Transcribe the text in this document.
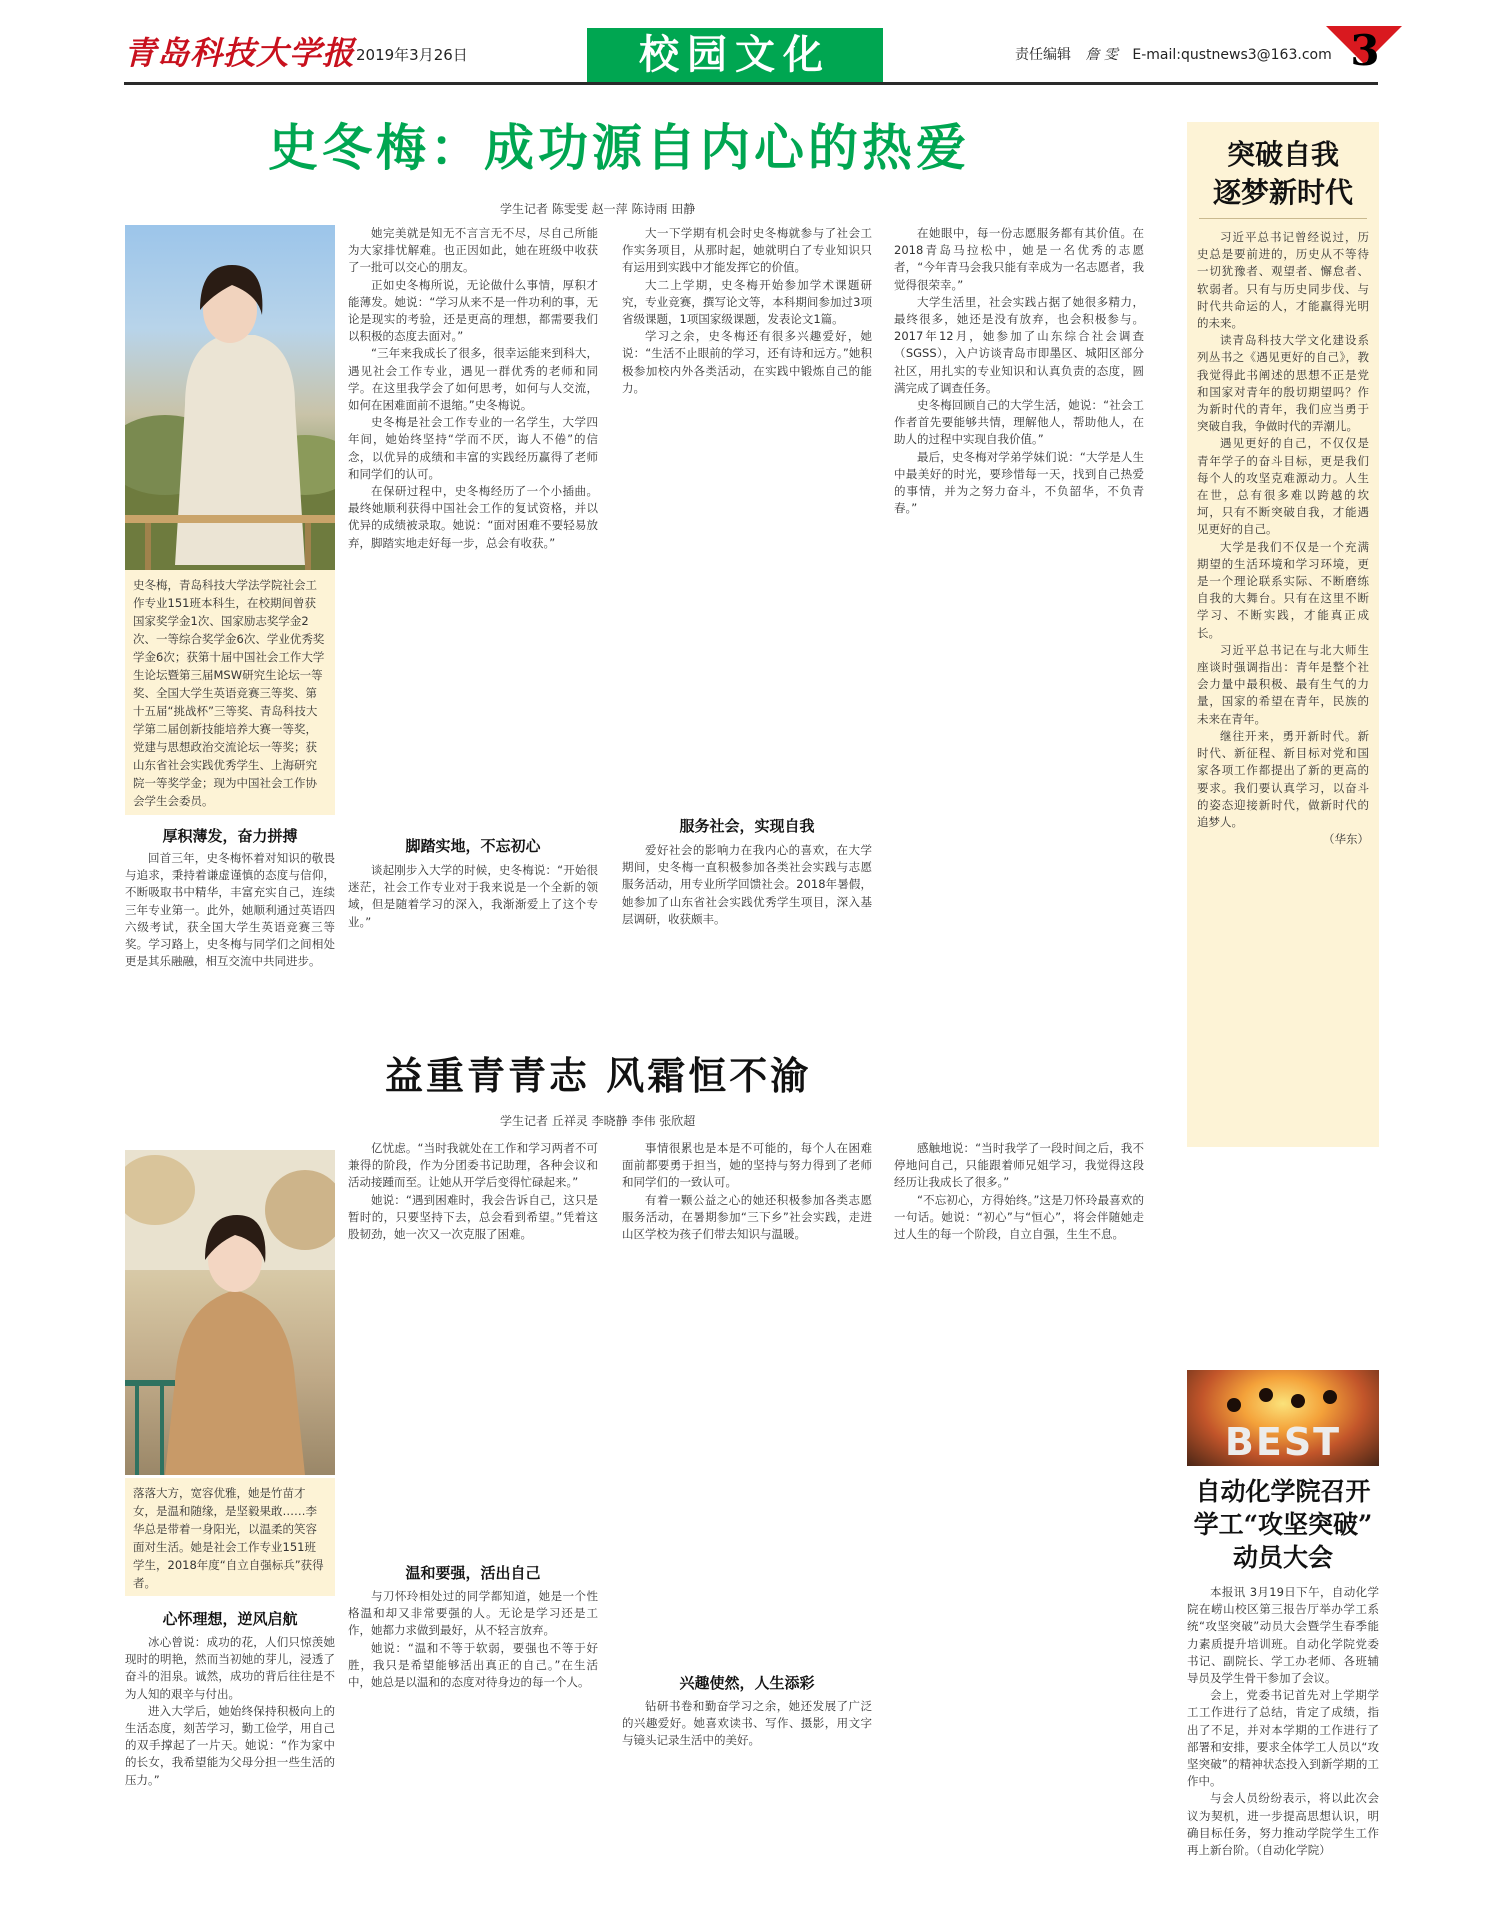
青岛科技大学报 2019年3月26日	校园文化	责任编辑 詹 雯 E-mail:qustnews3@163.com 3
史冬梅：成功源自内心的热爱
学生记者 陈雯雯 赵一萍 陈诗雨 田静
史冬梅，青岛科技大学法学院社会工作专业151班本科生，在校期间曾获国家奖学金1次、国家励志奖学金2次、一等综合奖学金6次、学业优秀奖学金6次；获第十届中国社会工作大学生论坛暨第三届MSW研究生论坛一等奖、全国大学生英语竞赛三等奖、第十五届“挑战杯”三等奖、青岛科技大学第二届创新技能培养大赛一等奖，党建与思想政治交流论坛一等奖；获山东省社会实践优秀学生、上海研究院一等奖学金；现为中国社会工作协会学生会委员。
厚积薄发，奋力拼搏

回首三年，史冬梅怀着对知识的敬畏与追求，秉持着谦虚谨慎的态度与信仰，不断吸取书中精华，丰富充实自己，连续三年专业第一。此外，她顺利通过英语四六级考试，获全国大学生英语竞赛三等奖。学习路上，史冬梅与同学们之间相处更是其乐融融，相互交流中共同进步。

她完美就是知无不言言无不尽，尽自己所能为大家排忧解难。也正因如此，她在班级中收获了一批可以交心的朋友。

正如史冬梅所说，无论做什么事情，厚积才能薄发。她说：“学习从来不是一件功利的事，无论是现实的考验，还是更高的理想，都需要我们以积极的态度去面对。”

“三年来我成长了很多，很幸运能来到科大，遇见社会工作专业，遇见一群优秀的老师和同学。在这里我学会了如何思考，如何与人交流，如何在困难面前不退缩。”史冬梅说。

史冬梅是社会工作专业的一名学生，大学四年间，她始终坚持“学而不厌，诲人不倦”的信念，以优异的成绩和丰富的实践经历赢得了老师和同学们的认可。

在保研过程中，史冬梅经历了一个小插曲。最终她顺利获得中国社会工作的复试资格，并以优异的成绩被录取。她说：“面对困难不要轻易放弃，脚踏实地走好每一步，总会有收获。”

脚踏实地，不忘初心

谈起刚步入大学的时候，史冬梅说：“开始很迷茫，社会工作专业对于我来说是一个全新的领域，但是随着学习的深入，我渐渐爱上了这个专业。”

大一下学期有机会时史冬梅就参与了社会工作实务项目，从那时起，她就明白了专业知识只有运用到实践中才能发挥它的价值。

大二上学期，史冬梅开始参加学术课题研究，专业竞赛，撰写论文等，本科期间参加过3项省级课题，1项国家级课题，发表论文1篇。

学习之余，史冬梅还有很多兴趣爱好，她说：“生活不止眼前的学习，还有诗和远方。”她积极参加校内外各类活动，在实践中锻炼自己的能力。

服务社会，实现自我

爱好社会的影响力在我内心的喜欢，在大学期间，史冬梅一直积极参加各类社会实践与志愿服务活动，用专业所学回馈社会。2018年暑假，她参加了山东省社会实践优秀学生项目，深入基层调研，收获颇丰。

在她眼中，每一份志愿服务都有其价值。在2018青岛马拉松中，她是一名优秀的志愿者，“今年青马会我只能有幸成为一名志愿者，我觉得很荣幸。”

大学生活里，社会实践占据了她很多精力，最终很多，她还是没有放弃，也会积极参与。2017年12月，她参加了山东综合社会调查（SGSS），入户访谈青岛市即墨区、城阳区部分社区，用扎实的专业知识和认真负责的态度，圆满完成了调查任务。

史冬梅回顾自己的大学生活，她说：“社会工作者首先要能够共情，理解他人，帮助他人，在助人的过程中实现自我价值。”

最后，史冬梅对学弟学妹们说：“大学是人生中最美好的时光，要珍惜每一天，找到自己热爱的事情，并为之努力奋斗，不负韶华，不负青春。”

益重青青志 风霜恒不渝
学生记者 丘祥灵 李晓静 李伟 张欣超
落落大方，宽容优雅，她是竹苗才女，是温和随缘，是坚毅果敢……李华总是带着一身阳光，以温柔的笑容面对生活。她是社会工作专业151班学生，2018年度“自立自强标兵”获得者。
心怀理想，逆风启航

冰心曾说：成功的花，人们只惊羡她现时的明艳，然而当初她的芽儿，浸透了奋斗的泪泉。诚然，成功的背后往往是不为人知的艰辛与付出。

进入大学后，她始终保持积极向上的生活态度，刻苦学习，勤工俭学，用自己的双手撑起了一片天。她说：“作为家中的长女，我希望能为父母分担一些生活的压力。”

亿忧虑。“当时我就处在工作和学习两者不可兼得的阶段，作为分团委书记助理，各种会议和活动接踵而至。让她从开学后变得忙碌起来。”

她说：“遇到困难时，我会告诉自己，这只是暂时的，只要坚持下去，总会看到希望。”凭着这股韧劲，她一次又一次克服了困难。

温和要强，活出自己

与刀怀玲相处过的同学都知道，她是一个性格温和却又非常要强的人。无论是学习还是工作，她都力求做到最好，从不轻言放弃。

她说：“温和不等于软弱，要强也不等于好胜，我只是希望能够活出真正的自己。”在生活中，她总是以温和的态度对待身边的每一个人。

事情很累也是本是不可能的，每个人在困难面前都要勇于担当，她的坚持与努力得到了老师和同学们的一致认可。

有着一颗公益之心的她还积极参加各类志愿服务活动，在暑期参加“三下乡”社会实践，走进山区学校为孩子们带去知识与温暖。

兴趣使然，人生添彩

钻研书卷和勤奋学习之余，她还发展了广泛的兴趣爱好。她喜欢读书、写作、摄影，用文字与镜头记录生活中的美好。

感触地说：“当时我学了一段时间之后，我不停地问自己，只能跟着师兄姐学习，我觉得这段经历让我成长了很多。”

“不忘初心，方得始终。”这是刀怀玲最喜欢的一句话。她说：“初心”与“恒心”，将会伴随她走过人生的每一个阶段，自立自强，生生不息。

突破自我
逐梦新时代

习近平总书记曾经说过，历史总是要前进的，历史从不等待一切犹豫者、观望者、懈怠者、软弱者。只有与历史同步伐、与时代共命运的人，才能赢得光明的未来。

读青岛科技大学文化建设系列丛书之《遇见更好的自己》，教我觉得此书阐述的思想不正是党和国家对青年的殷切期望吗？作为新时代的青年，我们应当勇于突破自我，争做时代的弄潮儿。

遇见更好的自己，不仅仅是青年学子的奋斗目标，更是我们每个人的攻坚克难源动力。人生在世，总有很多难以跨越的坎坷，只有不断突破自我，才能遇见更好的自己。

大学是我们不仅是一个充满期望的生活环境和学习环境，更是一个理论联系实际、不断磨练自我的大舞台。只有在这里不断学习、不断实践，才能真正成长。

习近平总书记在与北大师生座谈时强调指出：青年是整个社会力量中最积极、最有生气的力量，国家的希望在青年，民族的未来在青年。

继往开来，勇开新时代。新时代、新征程、新目标对党和国家各项工作都提出了新的更高的要求。我们要认真学习，以奋斗的姿态迎接新时代，做新时代的追梦人。

（华东）

BEST
自动化学院召开
学工“攻坚突破”
动员大会

本报讯 3月19日下午，自动化学院在崂山校区第三报告厅举办学工系统“攻坚突破”动员大会暨学生春季能力素质提升培训班。自动化学院党委书记、副院长、学工办老师、各班辅导员及学生骨干参加了会议。

会上，党委书记首先对上学期学工工作进行了总结，肯定了成绩，指出了不足，并对本学期的工作进行了部署和安排，要求全体学工人员以“攻坚突破”的精神状态投入到新学期的工作中。

与会人员纷纷表示，将以此次会议为契机，进一步提高思想认识，明确目标任务，努力推动学院学生工作再上新台阶。（自动化学院）
